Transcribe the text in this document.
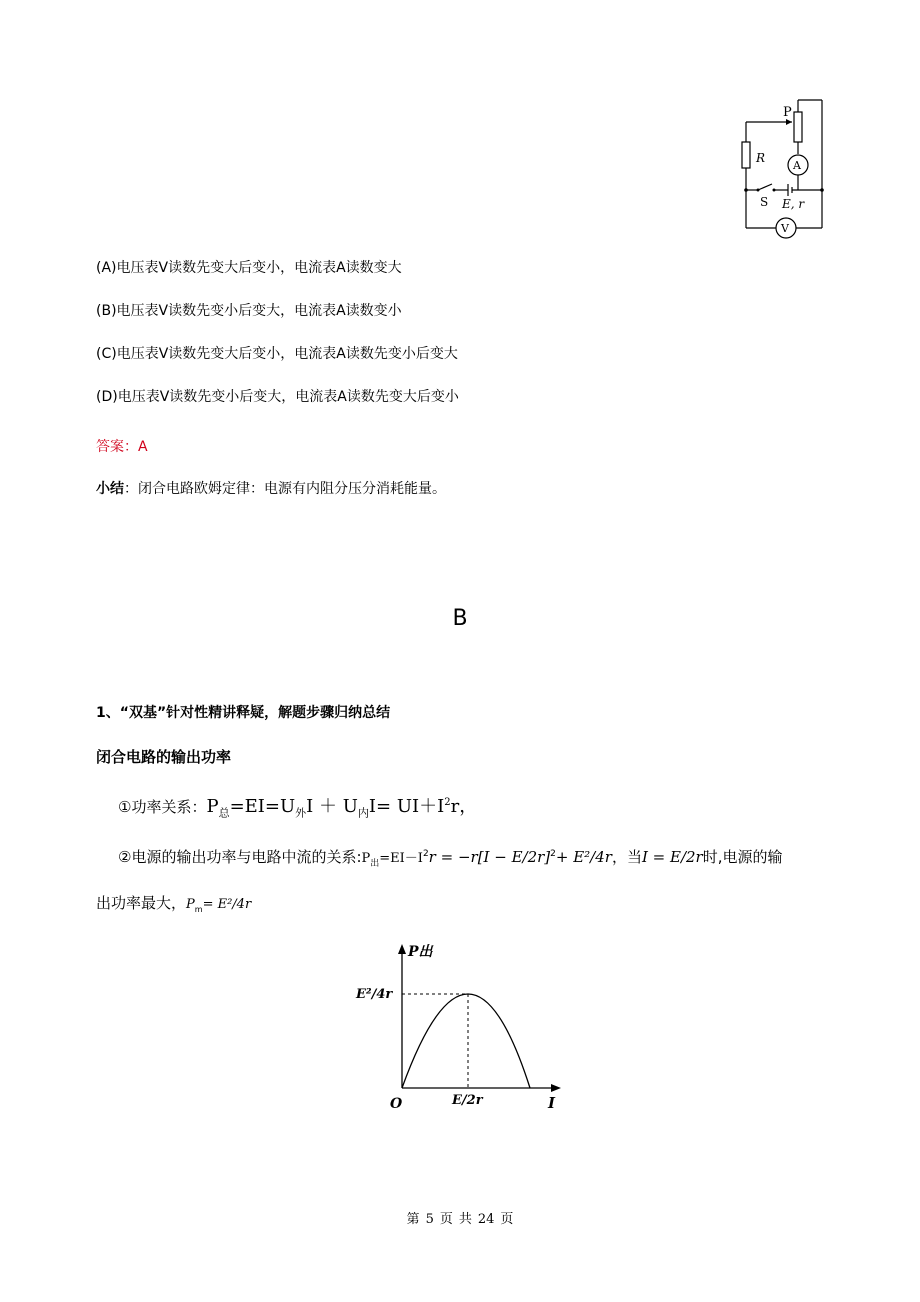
P
R
A
S E, r
V
(A)电压表V读数先变大后变小，电流表A读数变大
(B)电压表V读数先变小后变大，电流表A读数变小
(C)电压表V读数先变大后变小，电流表A读数先变小后变大
(D)电压表V读数先变小后变大，电流表A读数先变大后变小
答案：A
小结：闭合电路欧姆定律：电源有内阻分压分消耗能量。
B
1、“双基”针对性精讲释疑，解题步骤归纳总结
闭合电路的输出功率
①功率关系：$P_总=EI=U_外I + U_内I= UI+I^2r$，
②电源的输出功率与电路中流的关系$:P_出=EI-I^2r = -r[I - E/2r]^2+ E^2/4r$，当I = E/2r时,电源的输
出功率最大，$P_m= E^2/4r$
P出
E²/4r
E/2r
O	I
第 5 页 共 24 页
